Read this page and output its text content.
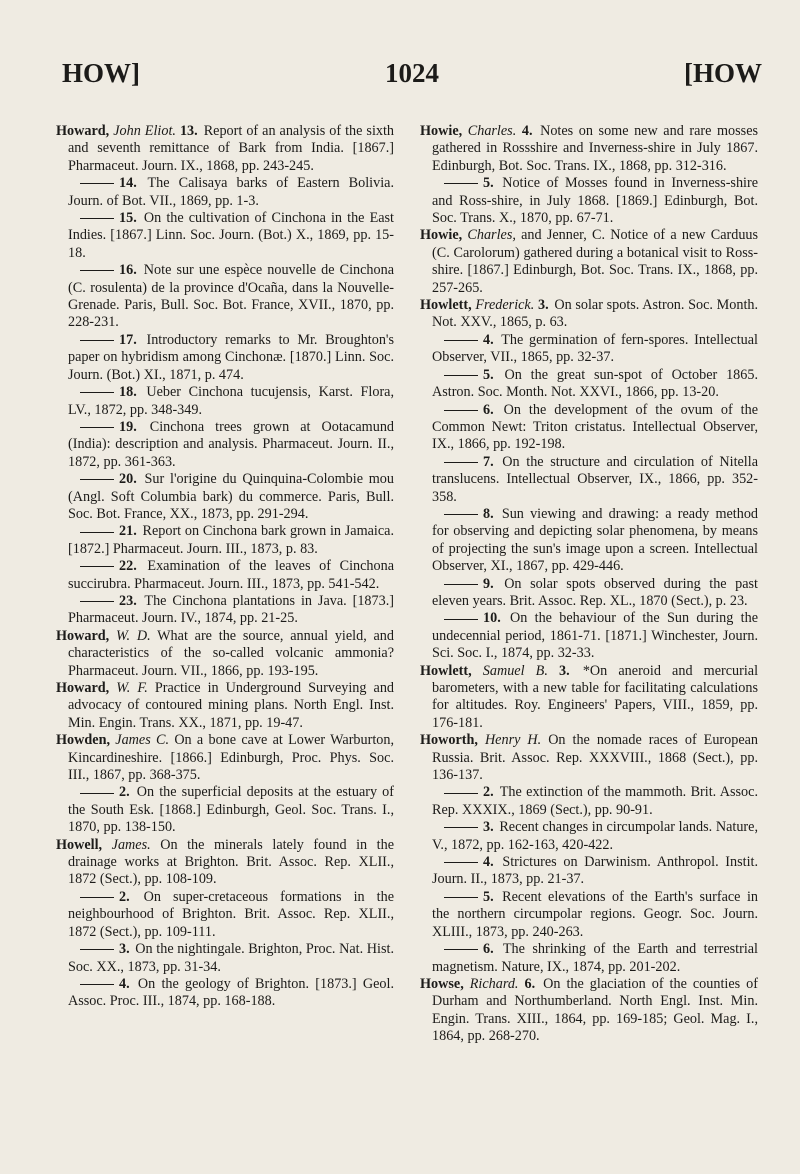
HOW]	1024	[HOW

Howard, John Eliot. 13. Report of an analysis of the sixth and seventh remittance of Bark from India. [1867.] Pharmaceut. Journ. IX., 1868, pp. 243-245.

14. The Calisaya barks of Eastern Bolivia. Journ. of Bot. VII., 1869, pp. 1-3.

15. On the cultivation of Cinchona in the East Indies. [1867.] Linn. Soc. Journ. (Bot.) X., 1869, pp. 15-18.

16. Note sur une espèce nouvelle de Cinchona (C. rosulenta) de la province d'Ocaña, dans la Nouvelle-Grenade. Paris, Bull. Soc. Bot. France, XVII., 1870, pp. 228-231.

17. Introductory remarks to Mr. Broughton's paper on hybridism among Cinchonæ. [1870.] Linn. Soc. Journ. (Bot.) XI., 1871, p. 474.

18. Ueber Cinchona tucujensis, Karst. Flora, LV., 1872, pp. 348-349.

19. Cinchona trees grown at Ootacamund (India): description and analysis. Pharmaceut. Journ. II., 1872, pp. 361-363.

20. Sur l'origine du Quinquina-Colombie mou (Angl. Soft Columbia bark) du commerce. Paris, Bull. Soc. Bot. France, XX., 1873, pp. 291-294.

21. Report on Cinchona bark grown in Jamaica. [1872.] Pharmaceut. Journ. III., 1873, p. 83.

22. Examination of the leaves of Cinchona succirubra. Pharmaceut. Journ. III., 1873, pp. 541-542.

23. The Cinchona plantations in Java. [1873.] Pharmaceut. Journ. IV., 1874, pp. 21-25.

Howard, W. D. What are the source, annual yield, and characteristics of the so-called volcanic ammonia? Pharmaceut. Journ. VII., 1866, pp. 193-195.

Howard, W. F. Practice in Underground Surveying and advocacy of contoured mining plans. North Engl. Inst. Min. Engin. Trans. XX., 1871, pp. 19-47.

Howden, James C. On a bone cave at Lower Warburton, Kincardineshire. [1866.] Edinburgh, Proc. Phys. Soc. III., 1867, pp. 368-375.

2. On the superficial deposits at the estuary of the South Esk. [1868.] Edinburgh, Geol. Soc. Trans. I., 1870, pp. 138-150.

Howell, James. On the minerals lately found in the drainage works at Brighton. Brit. Assoc. Rep. XLII., 1872 (Sect.), pp. 108-109.

2. On super-cretaceous formations in the neighbourhood of Brighton. Brit. Assoc. Rep. XLII., 1872 (Sect.), pp. 109-111.

3. On the nightingale. Brighton, Proc. Nat. Hist. Soc. XX., 1873, pp. 31-34.

4. On the geology of Brighton. [1873.] Geol. Assoc. Proc. III., 1874, pp. 168-188.

Howie, Charles. 4. Notes on some new and rare mosses gathered in Rossshire and Inverness-shire in July 1867. Edinburgh, Bot. Soc. Trans. IX., 1868, pp. 312-316.

5. Notice of Mosses found in Inverness-shire and Ross-shire, in July 1868. [1869.] Edinburgh, Bot. Soc. Trans. X., 1870, pp. 67-71.

Howie, Charles, and Jenner, C. Notice of a new Carduus (C. Carolorum) gathered during a botanical visit to Ross-shire. [1867.] Edinburgh, Bot. Soc. Trans. IX., 1868, pp. 257-265.

Howlett, Frederick. 3. On solar spots. Astron. Soc. Month. Not. XXV., 1865, p. 63.

4. The germination of fern-spores. Intellectual Observer, VII., 1865, pp. 32-37.

5. On the great sun-spot of October 1865. Astron. Soc. Month. Not. XXVI., 1866, pp. 13-20.

6. On the development of the ovum of the Common Newt: Triton cristatus. Intellectual Observer, IX., 1866, pp. 192-198.

7. On the structure and circulation of Nitella translucens. Intellectual Observer, IX., 1866, pp. 352-358.

8. Sun viewing and drawing: a ready method for observing and depicting solar phenomena, by means of projecting the sun's image upon a screen. Intellectual Observer, XI., 1867, pp. 429-446.

9. On solar spots observed during the past eleven years. Brit. Assoc. Rep. XL., 1870 (Sect.), p. 23.

10. On the behaviour of the Sun during the undecennial period, 1861-71. [1871.] Winchester, Journ. Sci. Soc. I., 1874, pp. 32-33.

Howlett, Samuel B. 3. *On aneroid and mercurial barometers, with a new table for facilitating calculations for altitudes. Roy. Engineers' Papers, VIII., 1859, pp. 176-181.

Howorth, Henry H. On the nomade races of European Russia. Brit. Assoc. Rep. XXXVIII., 1868 (Sect.), pp. 136-137.

2. The extinction of the mammoth. Brit. Assoc. Rep. XXXIX., 1869 (Sect.), pp. 90-91.

3. Recent changes in circumpolar lands. Nature, V., 1872, pp. 162-163, 420-422.

4. Strictures on Darwinism. Anthropol. Instit. Journ. II., 1873, pp. 21-37.

5. Recent elevations of the Earth's surface in the northern circumpolar regions. Geogr. Soc. Journ. XLIII., 1873, pp. 240-263.

6. The shrinking of the Earth and terrestrial magnetism. Nature, IX., 1874, pp. 201-202.

Howse, Richard. 6. On the glaciation of the counties of Durham and Northumberland. North Engl. Inst. Min. Engin. Trans. XIII., 1864, pp. 169-185; Geol. Mag. I., 1864, pp. 268-270.
